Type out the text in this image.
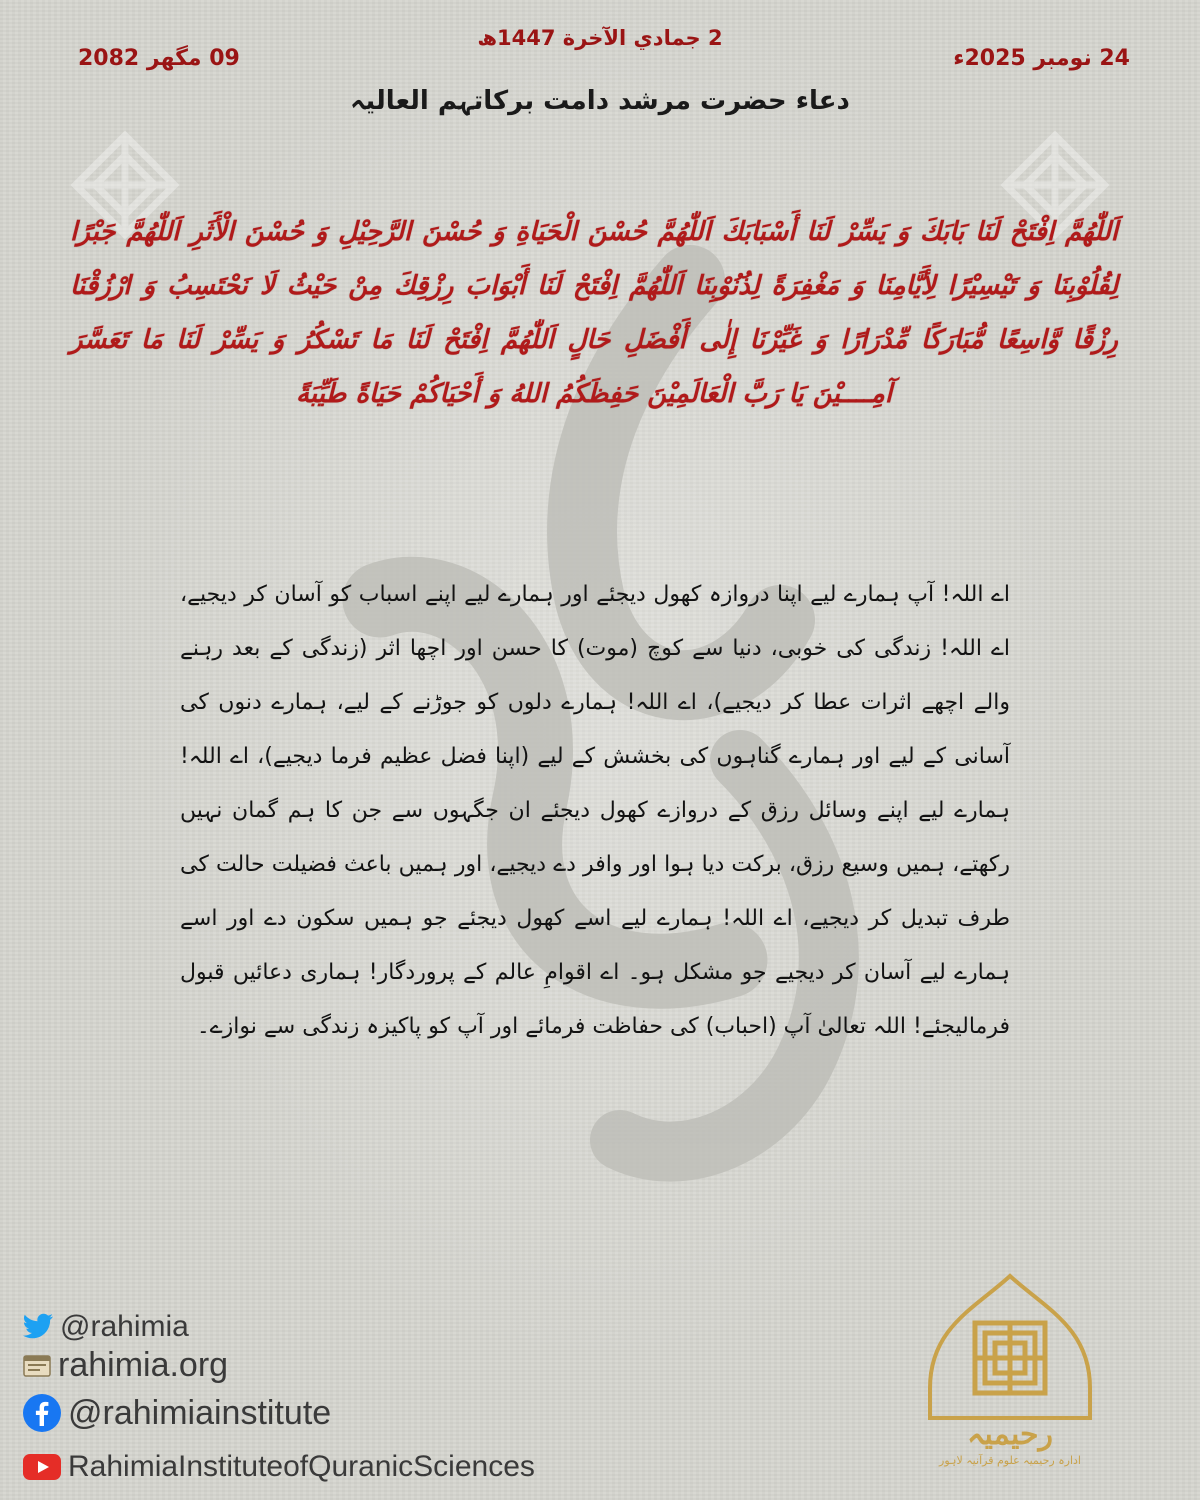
2 جمادي الآخرة 1447ھ
24 نومبر 2025ء
09 مگھر 2082
دعاء حضرت مرشد دامت برکاتہم العالیہ
اَللّٰهُمَّ اِفْتَحْ لَنَا بَابَكَ وَ يَسِّرْ لَنَا أَسْبَابَكَ اَللّٰهُمَّ حُسْنَ الْحَيَاةِ وَ حُسْنَ الرَّحِيْلِ وَ حُسْنَ الْأَثَرِ اَللّٰهُمَّ جَبْرًا لِقُلُوْبِنَا وَ تَيْسِيْرًا لِأَيَّامِنَا وَ مَغْفِرَةً لِذُنُوْبِنَا اَللّٰهُمَّ اِفْتَحْ لَنَا أَبْوَابَ رِزْقِكَ مِنْ حَيْثُ لَا نَحْتَسِبُ وَ ارْزُقْنَا رِزْقًا وَّاسِعًا مُّبَارَكًا مِّدْرَارًا وَ غَيِّرْنَا إِلٰى أَفْضَلِ حَالٍ اَللّٰهُمَّ اِفْتَحْ لَنَا مَا تَسْكُرُ وَ يَسِّرْ لَنَا مَا تَعَسَّرَ آمِــــيْنَ يَا رَبَّ الْعَالَمِيْنَ حَفِظَكُمُ اللهُ وَ أَحْيَاكُمْ حَيَاةً طَيِّبَةً
اے اللہ! آپ ہمارے لیے اپنا دروازہ کھول دیجئے اور ہمارے لیے اپنے اسباب کو آسان کر دیجیے، اے اللہ! زندگی کی خوبی، دنیا سے کوچ (موت) کا حسن اور اچھا اثر (زندگی کے بعد رہنے والے اچھے اثرات عطا کر دیجیے)، اے اللہ! ہمارے دلوں کو جوڑنے کے لیے، ہمارے دنوں کی آسانی کے لیے اور ہمارے گناہوں کی بخشش کے لیے (اپنا فضل عظیم فرما دیجیے)، اے اللہ! ہمارے لیے اپنے وسائل رزق کے دروازے کھول دیجئے ان جگہوں سے جن کا ہم گمان نہیں رکھتے، ہمیں وسیع رزق، برکت دیا ہوا اور وافر دے دیجیے، اور ہمیں باعث فضیلت حالت کی طرف تبدیل کر دیجیے، اے اللہ! ہمارے لیے اسے کھول دیجئے جو ہمیں سکون دے اور اسے ہمارے لیے آسان کر دیجیے جو مشکل ہو۔ اے اقوامِ عالم کے پروردگار! ہماری دعائیں قبول فرمالیجئے! اللہ تعالیٰ آپ (احباب) کی حفاظت فرمائے اور آپ کو پاکیزہ زندگی سے نوازے۔
@rahimia
rahimia.org
@rahimiainstitute
RahimiaInstituteofQuranicSciences
رحیمیہ
ادارہ رحیمیہ علوم قرآنیہ لاہور
